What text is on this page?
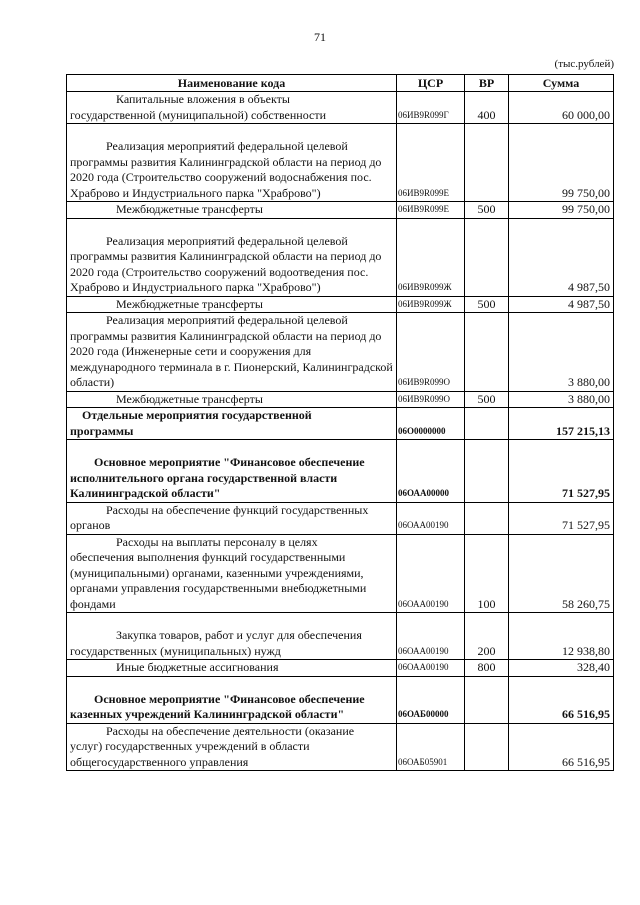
71
(тыс.рублей)
Наименование кода	ЦСР	ВР	Сумма
Капитальные вложения в объекты
государственной (муниципальной) собственности	06ИВ9R099Г	400	60 000,00

Реализация мероприятий федеральной целевой
программы развития Калининградской области на период до 2020 года (Строительство сооружений водоснабжения пос. Храброво и Индустриального парка "Храброво")	06ИВ9R099Е		99 750,00
Межбюджетные трансферты	06ИВ9R099Е	500	99 750,00

Реализация мероприятий федеральной целевой
программы развития Калининградской области на период до 2020 года (Строительство сооружений водоотведения пос. Храброво и Индустриального парка "Храброво")	06ИВ9R099Ж		4 987,50
Межбюджетные трансферты	06ИВ9R099Ж	500	4 987,50
Реализация мероприятий федеральной целевой
программы развития Калининградской области на период до 2020 года (Инженерные сети и сооружения для международного терминала в г. Пионерский, Калининградской области)	06ИВ9R099О		3 880,00
Межбюджетные трансферты	06ИВ9R099О	500	3 880,00
Отдельные мероприятия государственной
программы	06О0000000		157 215,13

Основное мероприятие "Финансовое обеспечение
исполнительного органа государственной власти Калининградской области"	06ОАА00000		71 527,95
Расходы на обеспечение функций государственных
органов	06ОАА00190		71 527,95
Расходы на выплаты персоналу в целях
обеспечения выполнения функций государственными (муниципальными) органами, казенными учреждениями, органами управления государственными внебюджетными фондами	06ОАА00190	100	58 260,75

Закупка товаров, работ и услуг для обеспечения
государственных (муниципальных) нужд	06ОАА00190	200	12 938,80
Иные бюджетные ассигнования	06ОАА00190	800	328,40

Основное мероприятие "Финансовое обеспечение
казенных учреждений Калининградской области"	06ОАБ00000		66 516,95
Расходы на обеспечение деятельности (оказание
услуг) государственных учреждений в области общегосударственного управления	06ОАБ05901		66 516,95
